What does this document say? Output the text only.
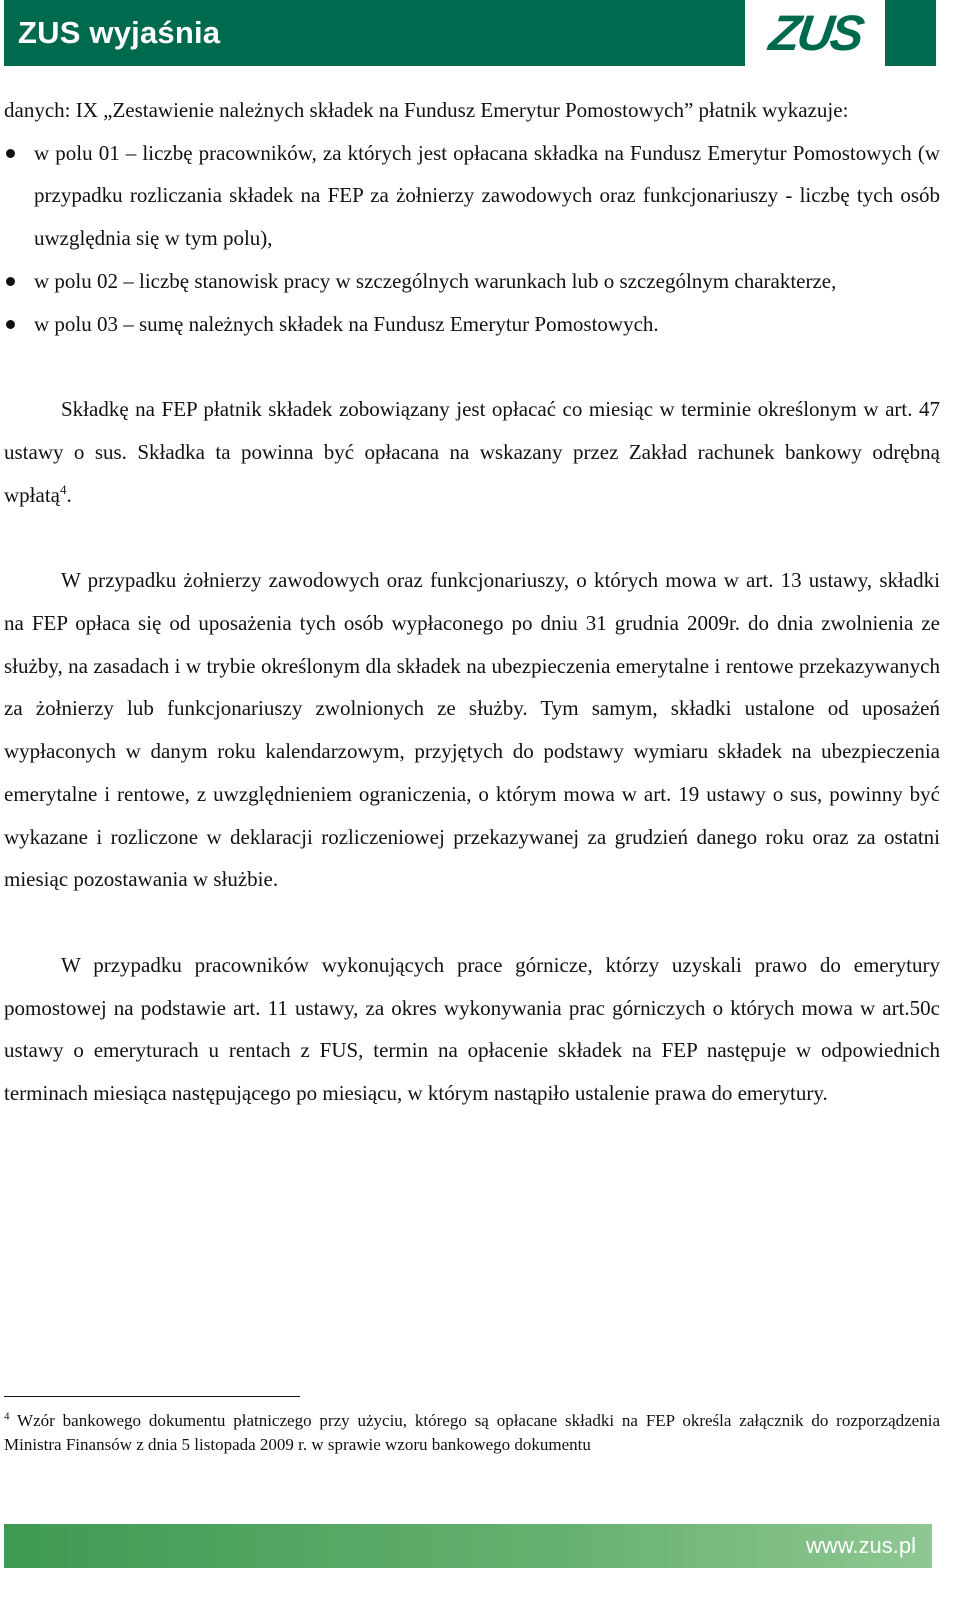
ZUS wyjaśnia	ZUS

danych: IX „Zestawienie należnych składek na Fundusz Emerytur Pomostowych” płatnik wykazuje:

w polu 01 – liczbę pracowników, za których jest opłacana składka na Fundusz Emerytur Pomostowych (w przypadku rozliczania składek na FEP za żołnierzy zawodowych oraz funkcjonariuszy - liczbę tych osób uwzględnia się w tym polu),
w polu 02 – liczbę stanowisk pracy w szczególnych warunkach lub o szczególnym charakterze,
w polu 03 – sumę należnych składek na Fundusz Emerytur Pomostowych.

Składkę na FEP płatnik składek zobowiązany jest opłacać co miesiąc w terminie określonym w art. 47 ustawy o sus. Składka ta powinna być opłacana na wskazany przez Zakład rachunek bankowy odrębną wpłatą$^4$.

W przypadku żołnierzy zawodowych oraz funkcjonariuszy, o których mowa w art. 13 ustawy, składki na FEP opłaca się od uposażenia tych osób wypłaconego po dniu 31 grudnia 2009r. do dnia zwolnienia ze służby, na zasadach i w trybie określonym dla składek na ubezpieczenia emerytalne i rentowe przekazywanych za żołnierzy lub funkcjonariuszy zwolnionych ze służby. Tym samym, składki ustalone od uposażeń wypłaconych w danym roku kalendarzowym, przyjętych do podstawy wymiaru składek na ubezpieczenia emerytalne i rentowe, z uwzględnieniem ograniczenia, o którym mowa w art. 19 ustawy o sus, powinny być wykazane i rozliczone w deklaracji rozliczeniowej przekazywanej za grudzień danego roku oraz za ostatni miesiąc pozostawania w służbie.

W przypadku pracowników wykonujących prace górnicze, którzy uzyskali prawo do emerytury pomostowej na podstawie art. 11 ustawy, za okres wykonywania prac górniczych o których mowa w art.50c ustawy o emeryturach u rentach z FUS, termin na opłacenie składek na FEP następuje w odpowiednich terminach miesiąca następującego po miesiącu, w którym nastąpiło ustalenie prawa do emerytury.

$^4$ Wzór bankowego dokumentu płatniczego przy użyciu, którego są opłacane składki na FEP określa załącznik do rozporządzenia Ministra Finansów z dnia 5 listopada 2009 r. w sprawie wzoru bankowego dokumentu
www.zus.pl
